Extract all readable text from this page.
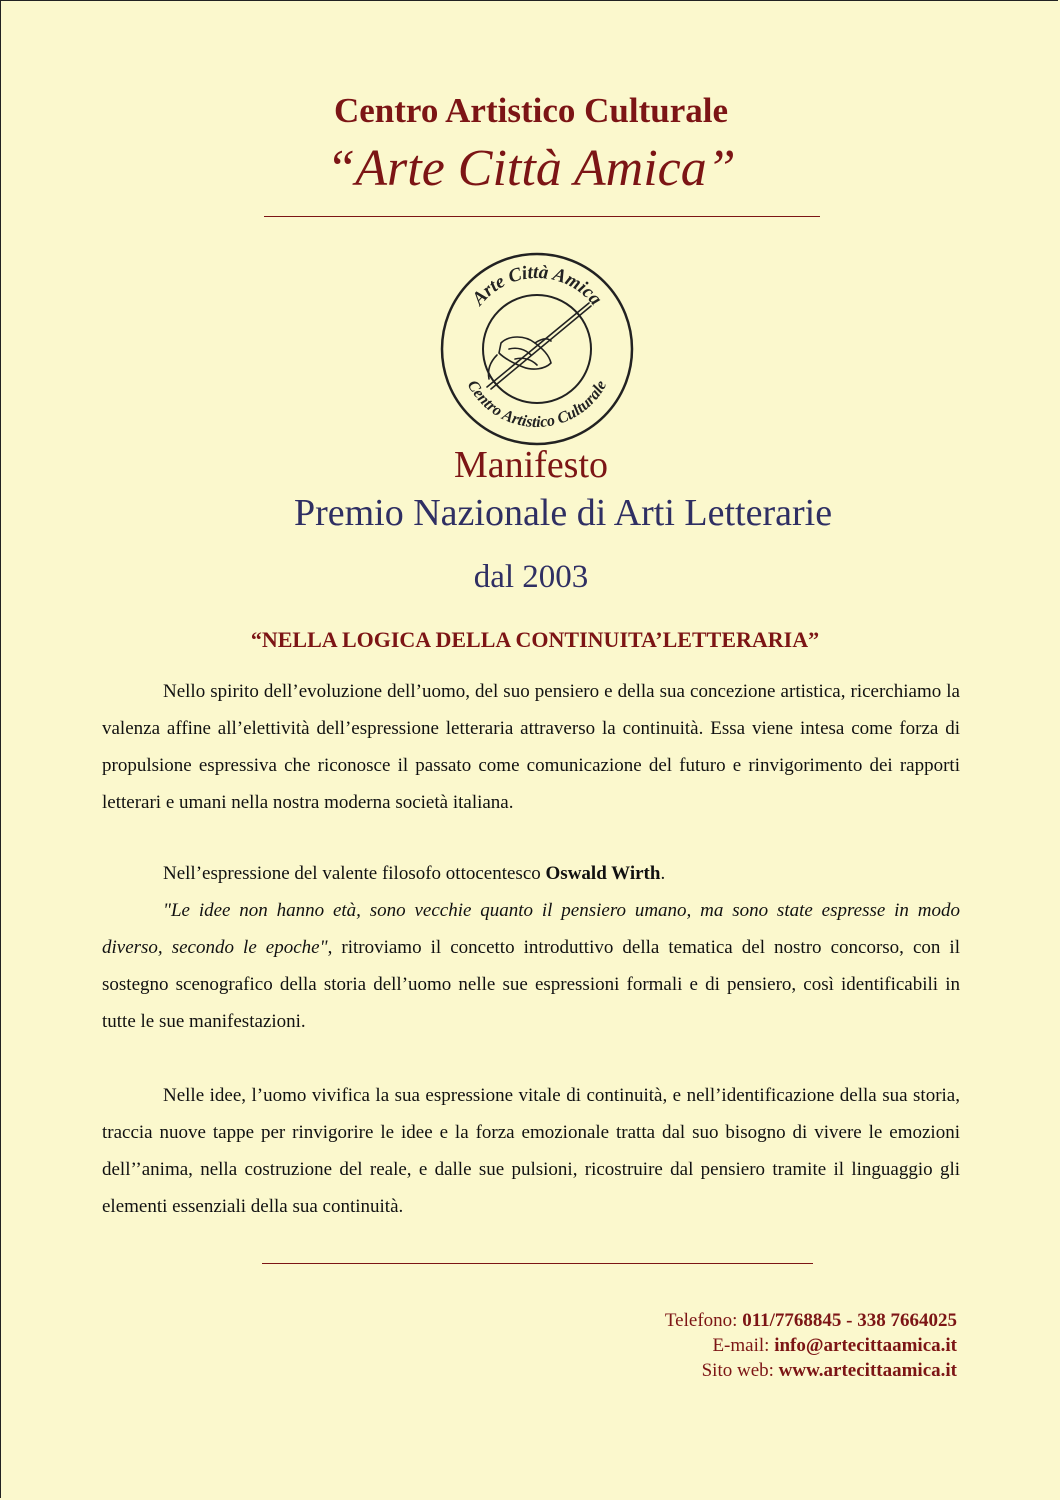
Centro Artistico Culturale
“Arte Città Amica”
Arte Città Amica
Centro Artistico Culturale
Manifesto
Premio Nazionale di Arti Letterarie
dal 2003
“NELLA LOGICA DELLA CONTINUITA’LETTERARIA”

Nello spirito dell’evoluzione dell’uomo, del suo pensiero e della sua concezione artistica, ricerchiamo la valenza affine all’elettività dell’espressione letteraria attraverso la continuità. Essa viene intesa come forza di propulsione espressiva che riconosce il passato come comunicazione del futuro e rinvigorimento dei rapporti letterari e umani nella nostra moderna società italiana.

Nell’espressione del valente filosofo ottocentesco Oswald Wirth.

"Le idee non hanno età, sono vecchie quanto il pensiero umano, ma sono state espresse in modo diverso, secondo le epoche", ritroviamo il concetto introduttivo della tematica del nostro concorso, con il sostegno scenografico della storia dell’uomo nelle sue espressioni formali e di pensiero, così identificabili in tutte le sue manifestazioni.

Nelle idee, l’uomo vivifica la sua espressione vitale di continuità, e nell’identificazione della sua storia, traccia nuove tappe per rinvigorire le idee e la forza emozionale tratta dal suo bisogno di vivere le emozioni dell’’anima, nella costruzione del reale, e dalle sue pulsioni, ricostruire dal pensiero tramite il linguaggio gli elementi essenziali della sua continuità.

Telefono: 011/7768845 - 338 7664025
E-mail: info@artecittaamica.it
Sito web: www.artecittaamica.it
